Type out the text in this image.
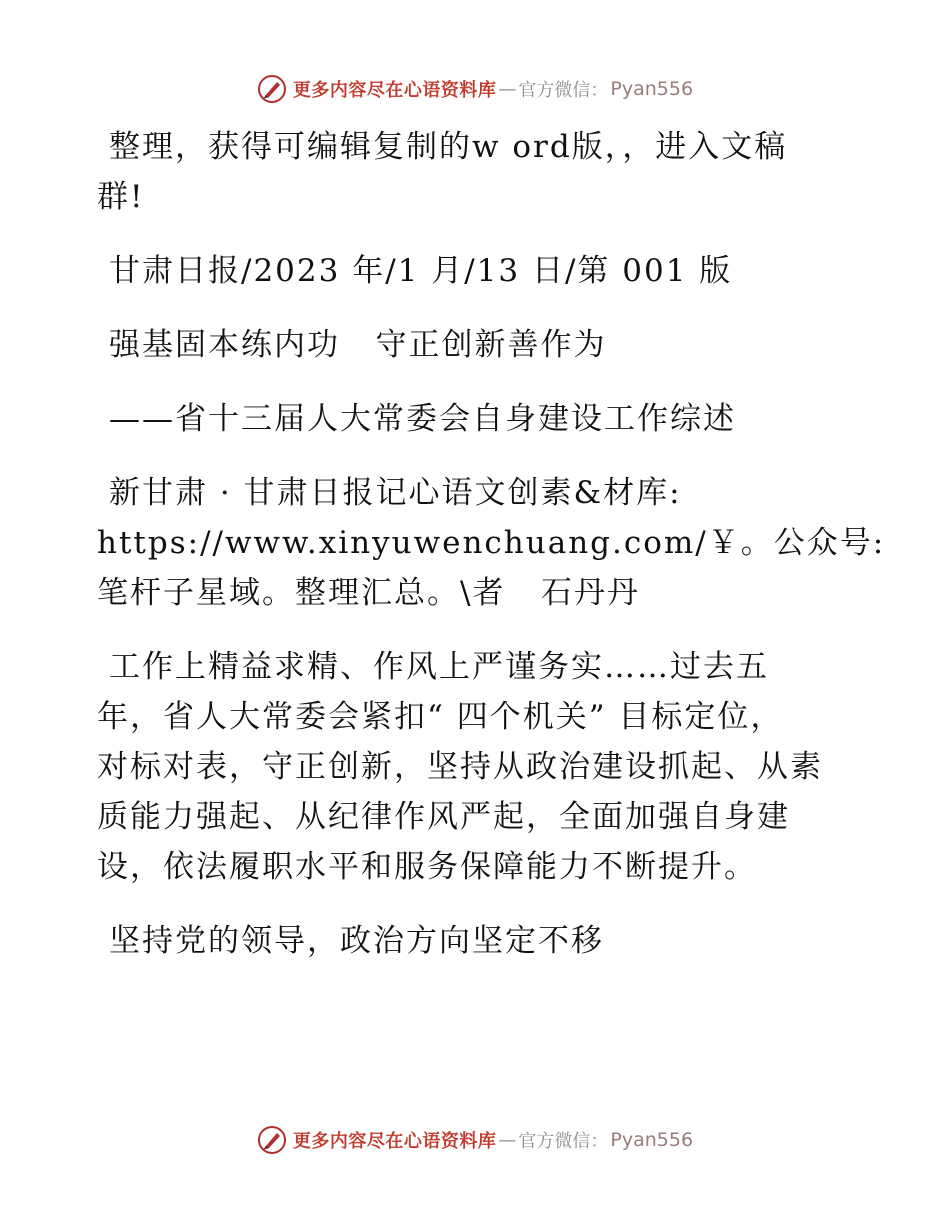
更多内容尽在心语资料库 — 官方微信： Pyan556

整理，获得可编辑复制的w ord版，，进入文稿
群!

甘肃日报/2023 年/1 月/13 日/第 001 版

强基固本练内功   守正创新善作为

——省十三届人大常委会自身建设工作综述

新甘肃 · 甘肃日报记心语文创素&材库:
https://www.xinyuwenchuang.com/￥。公众号:
笔杆子星域。整理汇总。\者   石丹丹

工作上精益求精、作风上严谨务实……过去五
年，省人大常委会紧扣“ 四个机关” 目标定位，
对标对表，守正创新，坚持从政治建设抓起、从素
质能力强起、从纪律作风严起，全面加强自身建
设，依法履职水平和服务保障能力不断提升。

坚持党的领导，政治方向坚定不移

更多内容尽在心语资料库 — 官方微信： Pyan556
